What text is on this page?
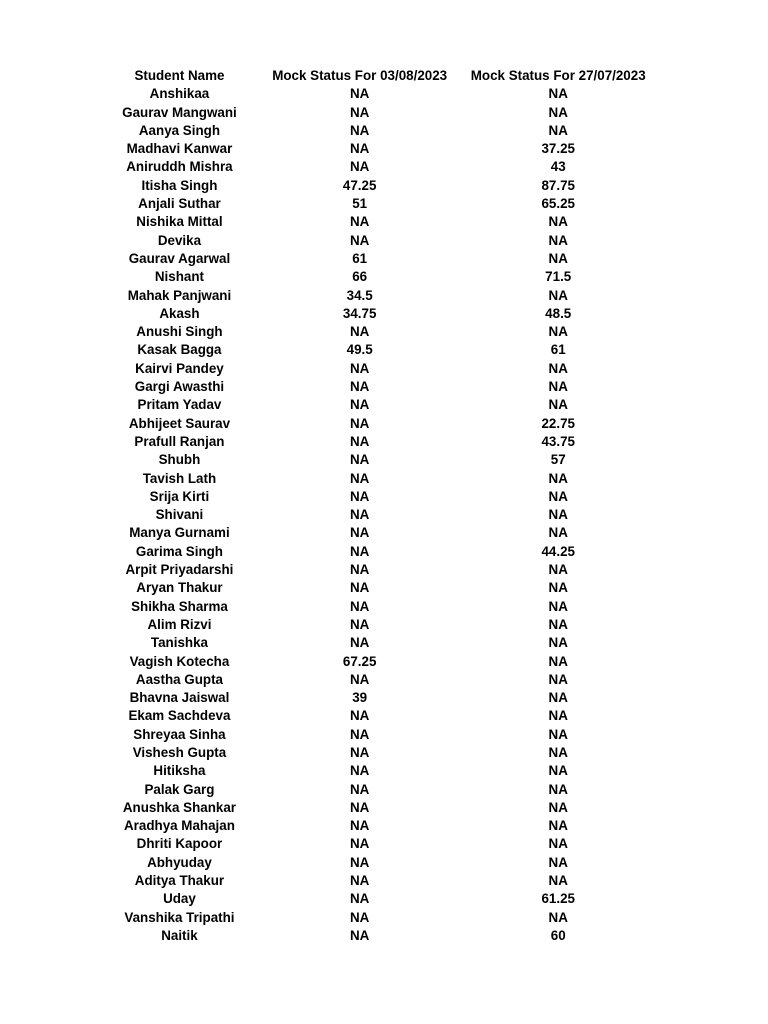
Student Name	Mock Status For 03/08/2023	Mock Status For 27/07/2023
Anshikaa	NA	NA
Gaurav Mangwani	NA	NA
Aanya Singh	NA	NA
Madhavi Kanwar	NA	37.25
Aniruddh Mishra	NA	43
Itisha Singh	47.25	87.75
Anjali Suthar	51	65.25
Nishika Mittal	NA	NA
Devika	NA	NA
Gaurav Agarwal	61	NA
Nishant	66	71.5
Mahak Panjwani	34.5	NA
Akash	34.75	48.5
Anushi Singh	NA	NA
Kasak Bagga	49.5	61
Kairvi Pandey	NA	NA
Gargi Awasthi	NA	NA
Pritam Yadav	NA	NA
Abhijeet Saurav	NA	22.75
Prafull Ranjan	NA	43.75
Shubh	NA	57
Tavish Lath	NA	NA
Srija Kirti	NA	NA
Shivani	NA	NA
Manya Gurnami	NA	NA
Garima Singh	NA	44.25
Arpit Priyadarshi	NA	NA
Aryan Thakur	NA	NA
Shikha Sharma	NA	NA
Alim Rizvi	NA	NA
Tanishka	NA	NA
Vagish Kotecha	67.25	NA
Aastha Gupta	NA	NA
Bhavna Jaiswal	39	NA
Ekam Sachdeva	NA	NA
Shreyaa Sinha	NA	NA
Vishesh Gupta	NA	NA
Hitiksha	NA	NA
Palak Garg	NA	NA
Anushka Shankar	NA	NA
Aradhya Mahajan	NA	NA
Dhriti Kapoor	NA	NA
Abhyuday	NA	NA
Aditya Thakur	NA	NA
Uday	NA	61.25
Vanshika Tripathi	NA	NA
Naitik	NA	60
